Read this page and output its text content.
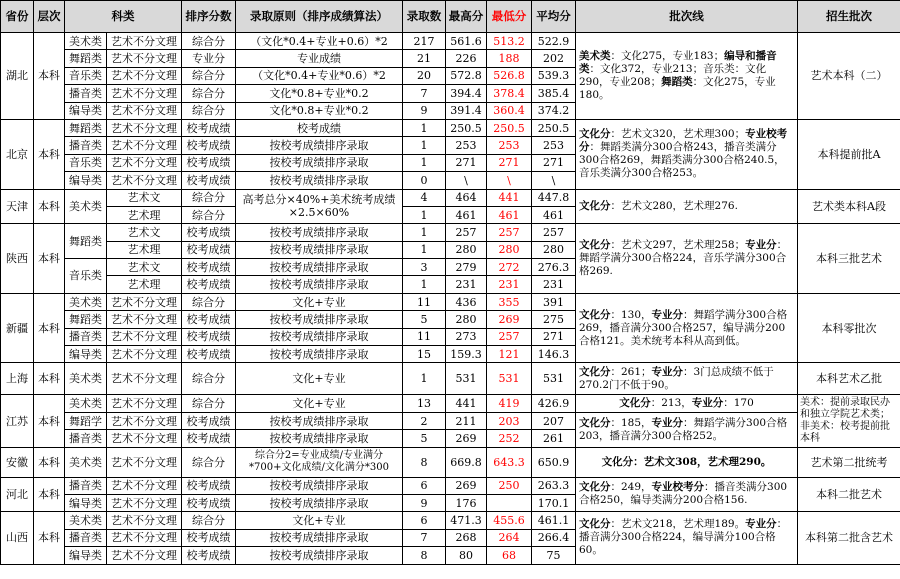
省份	层次	科类		排序分数	录取原则（排序成绩算法）	录取数	最高分	最低分	平均分	批次线	招生批次
湖北	本科	美术类	艺术不分文理	综合分	（文化*0.4+专业+0.6）*2	217	561.6	513.2	522.9	美术类：文化275，专业183；编导和播音类：文化372，专业213；音乐类：文化290，专业208；舞蹈类：文化275，专业180。	艺术本科（二）
		舞蹈类	艺术不分文理	专业分	专业成绩	21	226	188	202		
		音乐类	艺术不分文理	综合分	（文化*0.4+专业*0.6）*2	20	572.8	526.8	539.3		
		播音类	艺术不分文理	综合分	文化*0.8+专业*0.2	7	394.4	378.4	385.4		
		编导类	艺术不分文理	综合分	文化*0.8+专业*0.2	9	391.4	360.4	374.2		
北京	本科	舞蹈类	艺术不分文理	校考成绩	校考成绩	1	250.5	250.5	250.5	文化分：艺术文320，艺术理300；专业校考分：舞蹈类满分300合格243，播音类满分300合格269，舞蹈类满分300合格240.5，音乐类满分300合格253。	本科提前批A
		播音类	艺术不分文理	校考成绩	按校考成绩排序录取	1	253	253	253		
		音乐类	艺术不分文理	校考成绩	按校考成绩排序录取	1	271	271	271		
		编导类	艺术不分文理	校考成绩	按校考成绩排序录取	0	\	\	\		
天津	本科	美术类	艺术文	综合分	高考总分×40%+美术统考成绩×2.5×60%	4	464	441	447.8	文化分：艺术文280，艺术理276.	艺术类本科A段
			艺术理	综合分		1	461	461	461		
陕西	本科	舞蹈类	艺术文	校考成绩	按校考成绩排序录取	1	257	257	257	文化分：艺术文297，艺术理258；专业分：舞蹈学满分300合格224，音乐学满分300合格269.	本科三批艺术
			艺术理	校考成绩	按校考成绩排序录取	1	280	280	280		
		音乐类	艺术文	校考成绩	按校考成绩排序录取	3	279	272	276.3		
			艺术理	校考成绩	按校考成绩排序录取	1	231	231	231		
新疆	本科	美术类	艺术不分文理	综合分	文化+专业	11	436	355	391	文化分：130，专业分：舞蹈学满分300合格269，播音满分300合格257，编导满分200合格121。美术统考本科从高到低。	本科零批次
		舞蹈类	艺术不分文理	校考成绩	按校考成绩排序录取	5	280	269	275		
		播音类	艺术不分文理	校考成绩	按校考成绩排序录取	11	273	257	271		
		编导类	艺术不分文理	校考成绩	按校考成绩排序录取	15	159.3	121	146.3		
上海	本科	美术类	艺术不分文理	综合分	文化+专业	1	531	531	531	文化分：261；专业分：3门总成绩不低于270.2门不低于90。	本科艺术乙批
江苏	本科	美术类	艺术不分文理	综合分	文化+专业	13	441	419	426.9	文化分：213，专业分：170	美术：提前录取民办和独立学院艺术类；非美术：校考提前批本科
		舞蹈学	艺术不分文理	校考成绩	按校考成绩排序录取	2	211	203	207	文化分：185，专业分：舞蹈学满分300合格203，播音满分300合格252。	
		播音类	艺术不分文理	校考成绩	按校考成绩排序录取	5	269	252	261		
安徽	本科	美术类	艺术不分文理	综合分	综合分2=专业成绩/专业满分*700+文化成绩/文化满分*300	8	669.8	643.3	650.9	文化分：艺术文308，艺术理290。	艺术第二批统考
河北	本科	播音类	艺术不分文理	校考成绩	按校考成绩排序录取	6	269	250	263.3	文化分：249，专业校考分：播音类满分300合格250，编导类满分200合格156.	本科二批艺术
		编导类	艺术不分文理	校考成绩	按校考成绩排序录取	9	176		170.1		
山西	本科	美术类	艺术不分文理	综合分	文化+专业	6	471.3	455.6	461.1	文化分：艺术文218，艺术理189。专业分：播音满分300合格224，编导满分100合格60。	本科第二批含艺术
		播音类	艺术不分文理	校考成绩	按校考成绩排序录取	7	268	264	266.4		
		编导类	艺术不分文理	校考成绩	按校考成绩排序录取	8	80	68	75		
